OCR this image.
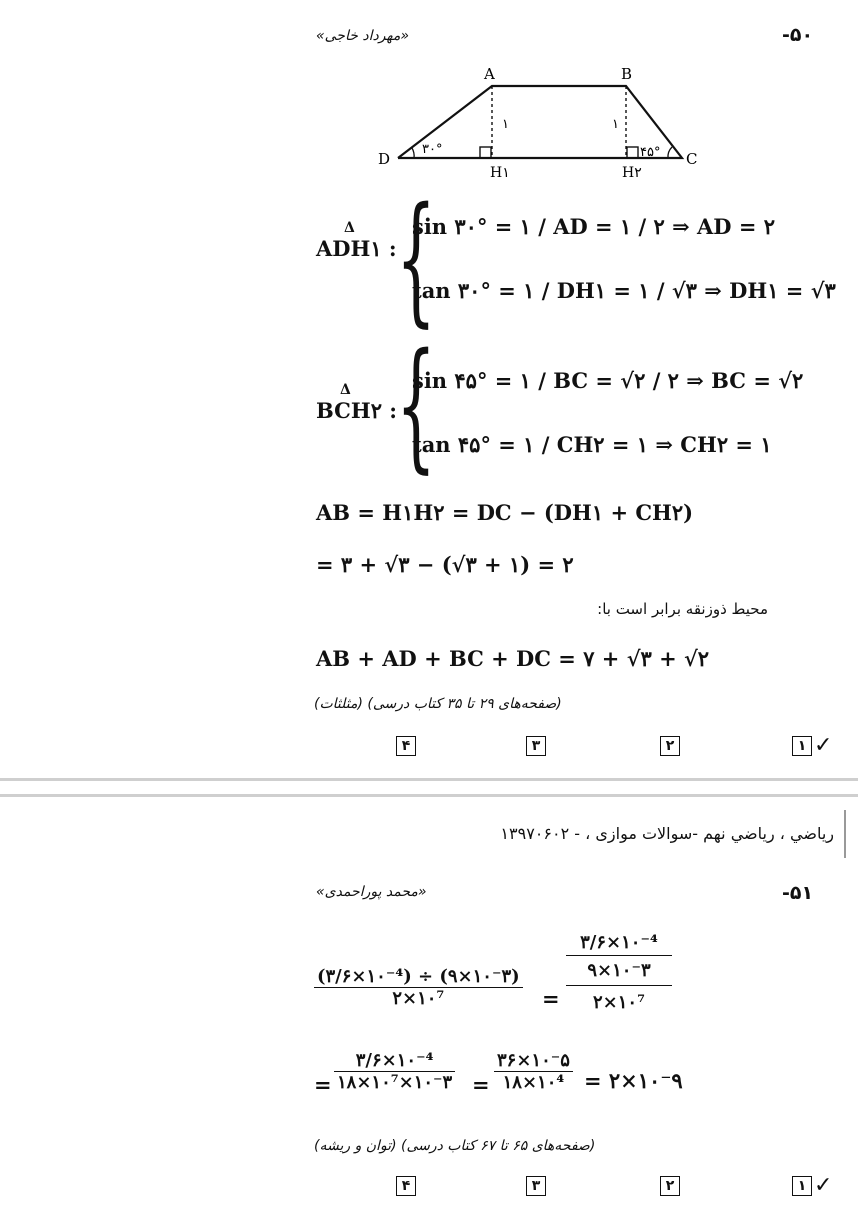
-۵۰
«مهرداد خاجی»
A	B
C
D
H۱	H۲
۳۰°	۴۵°
۱	۱
Δ
ADH۱ : {
sin ۳۰° = ۱ / AD = ۱ / ۲ ⇒ AD = ۲
tan ۳۰° = ۱ / DH۱ = ۱ / √۳ ⇒ DH۱ = √۳
Δ
BCH۲ :
{
sin ۴۵° = ۱ / BC = √۲ / ۲ ⇒ BC = √۲
tan ۴۵° = ۱ / CH۲ = ۱ ⇒ CH۲ = ۱
AB = H۱H۲ = DC − (DH۱ + CH۲)
= ۳ + √۳ − (√۳ + ۱) = ۲
محیط ذوزنقه برابر است با:
AB + AD + BC + DC = ۷ + √۳ + √۲
(صفحه‌های ۲۹ تا ۳۵ کتاب درسی) (مثلثات)
۴	۳	۲	۱ ✓
رياضي ، رياضي نهم -سوالات موازی ، - ۱۳۹۷۰۶۰۲
-۵۱
«محمد پوراحمدی»
$\frac{\text{(۳/۶×۱۰⁻⁴) ÷ (۹×۱۰⁻۳)}}{\text{۲×۱۰⁷}}$ =
۳/۶×۱۰⁻⁴
۹×۱۰⁻۳
۲×۱۰⁷
= $\frac{\text{۳/۶×۱۰⁻⁴}}{\text{۱۸×۱۰⁷×۱۰⁻۳}} = \frac{۳۶\times ۱۰^-۵}{\text{۱۸×۱۰⁴}}$ = ۲×۱۰⁻۹
(صفحه‌های ۶۵ تا ۶۷ کتاب درسی) (توان و ریشه)
۴	۳	۲	۱ ✓
